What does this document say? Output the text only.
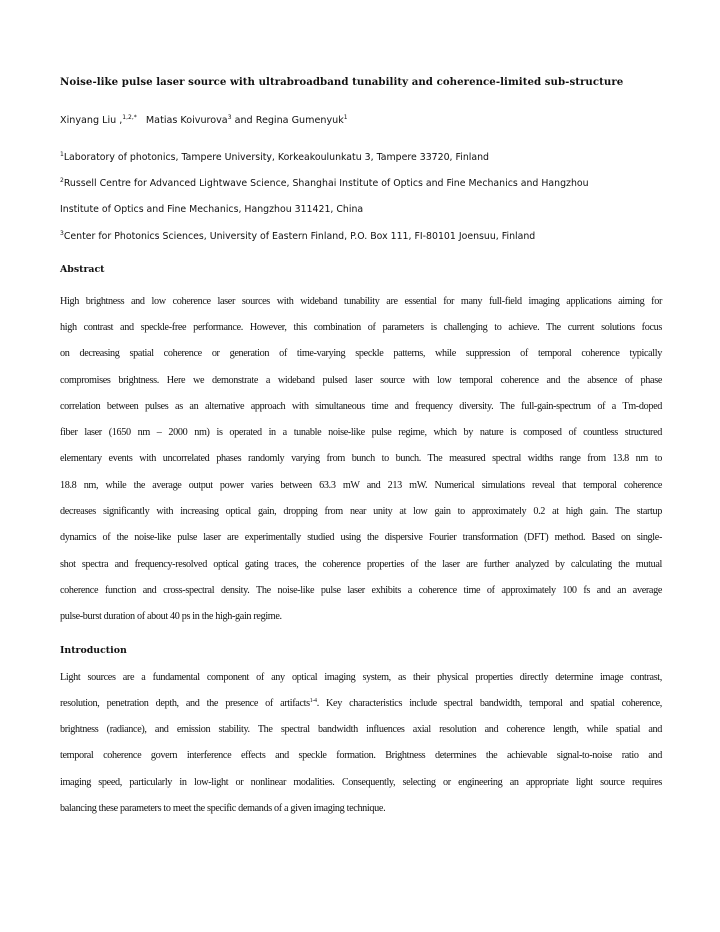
Noise-like pulse laser source with ultrabroadband tunability and coherence-limited sub-structure
Xinyang Liu ,$^{1,2,*}$ Matias Koivurova$^3$ and Regina Gumenyuk$^1$
$^1$Laboratory of photonics, Tampere University, Korkeakoulunkatu 3, Tampere 33720, Finland
$^2$Russell Centre for Advanced Lightwave Science, Shanghai Institute of Optics and Fine Mechanics and Hangzhou
Institute of Optics and Fine Mechanics, Hangzhou 311421, China
$^3$Center for Photonics Sciences, University of Eastern Finland, P.O. Box 111, FI-80101 Joensuu, Finland
Abstract
High brightness and low coherence laser sources with wideband tunability are essential for many full-field imaging applications aiming for
high contrast and speckle-free performance. However, this combination of parameters is challenging to achieve. The current solutions focus
on decreasing spatial coherence or generation of time-varying speckle patterns, while suppression of temporal coherence typically
compromises brightness. Here we demonstrate a wideband pulsed laser source with low temporal coherence and the absence of phase
correlation between pulses as an alternative approach with simultaneous time and frequency diversity. The full-gain-spectrum of a Tm-doped
fiber laser (1650 nm – 2000 nm) is operated in a tunable noise-like pulse regime, which by nature is composed of countless structured
elementary events with uncorrelated phases randomly varying from bunch to bunch. The measured spectral widths range from 13.8 nm to
18.8 nm, while the average output power varies between 63.3 mW and 213 mW. Numerical simulations reveal that temporal coherence
decreases significantly with increasing optical gain, dropping from near unity at low gain to approximately 0.2 at high gain. The startup
dynamics of the noise-like pulse laser are experimentally studied using the dispersive Fourier transformation (DFT) method. Based on single-
shot spectra and frequency-resolved optical gating traces, the coherence properties of the laser are further analyzed by calculating the mutual
coherence function and cross-spectral density. The noise-like pulse laser exhibits a coherence time of approximately 100 fs and an average
pulse-burst duration of about 40 ps in the high-gain regime.
Introduction
Light sources are a fundamental component of any optical imaging system, as their physical properties directly determine image contrast,
resolution, penetration depth, and the presence of artifacts$^{1-4}$. Key characteristics include spectral bandwidth, temporal and spatial coherence,
brightness (radiance), and emission stability. The spectral bandwidth influences axial resolution and coherence length, while spatial and
temporal coherence govern interference effects and speckle formation. Brightness determines the achievable signal-to-noise ratio and
imaging speed, particularly in low-light or nonlinear modalities. Consequently, selecting or engineering an appropriate light source requires
balancing these parameters to meet the specific demands of a given imaging technique.
